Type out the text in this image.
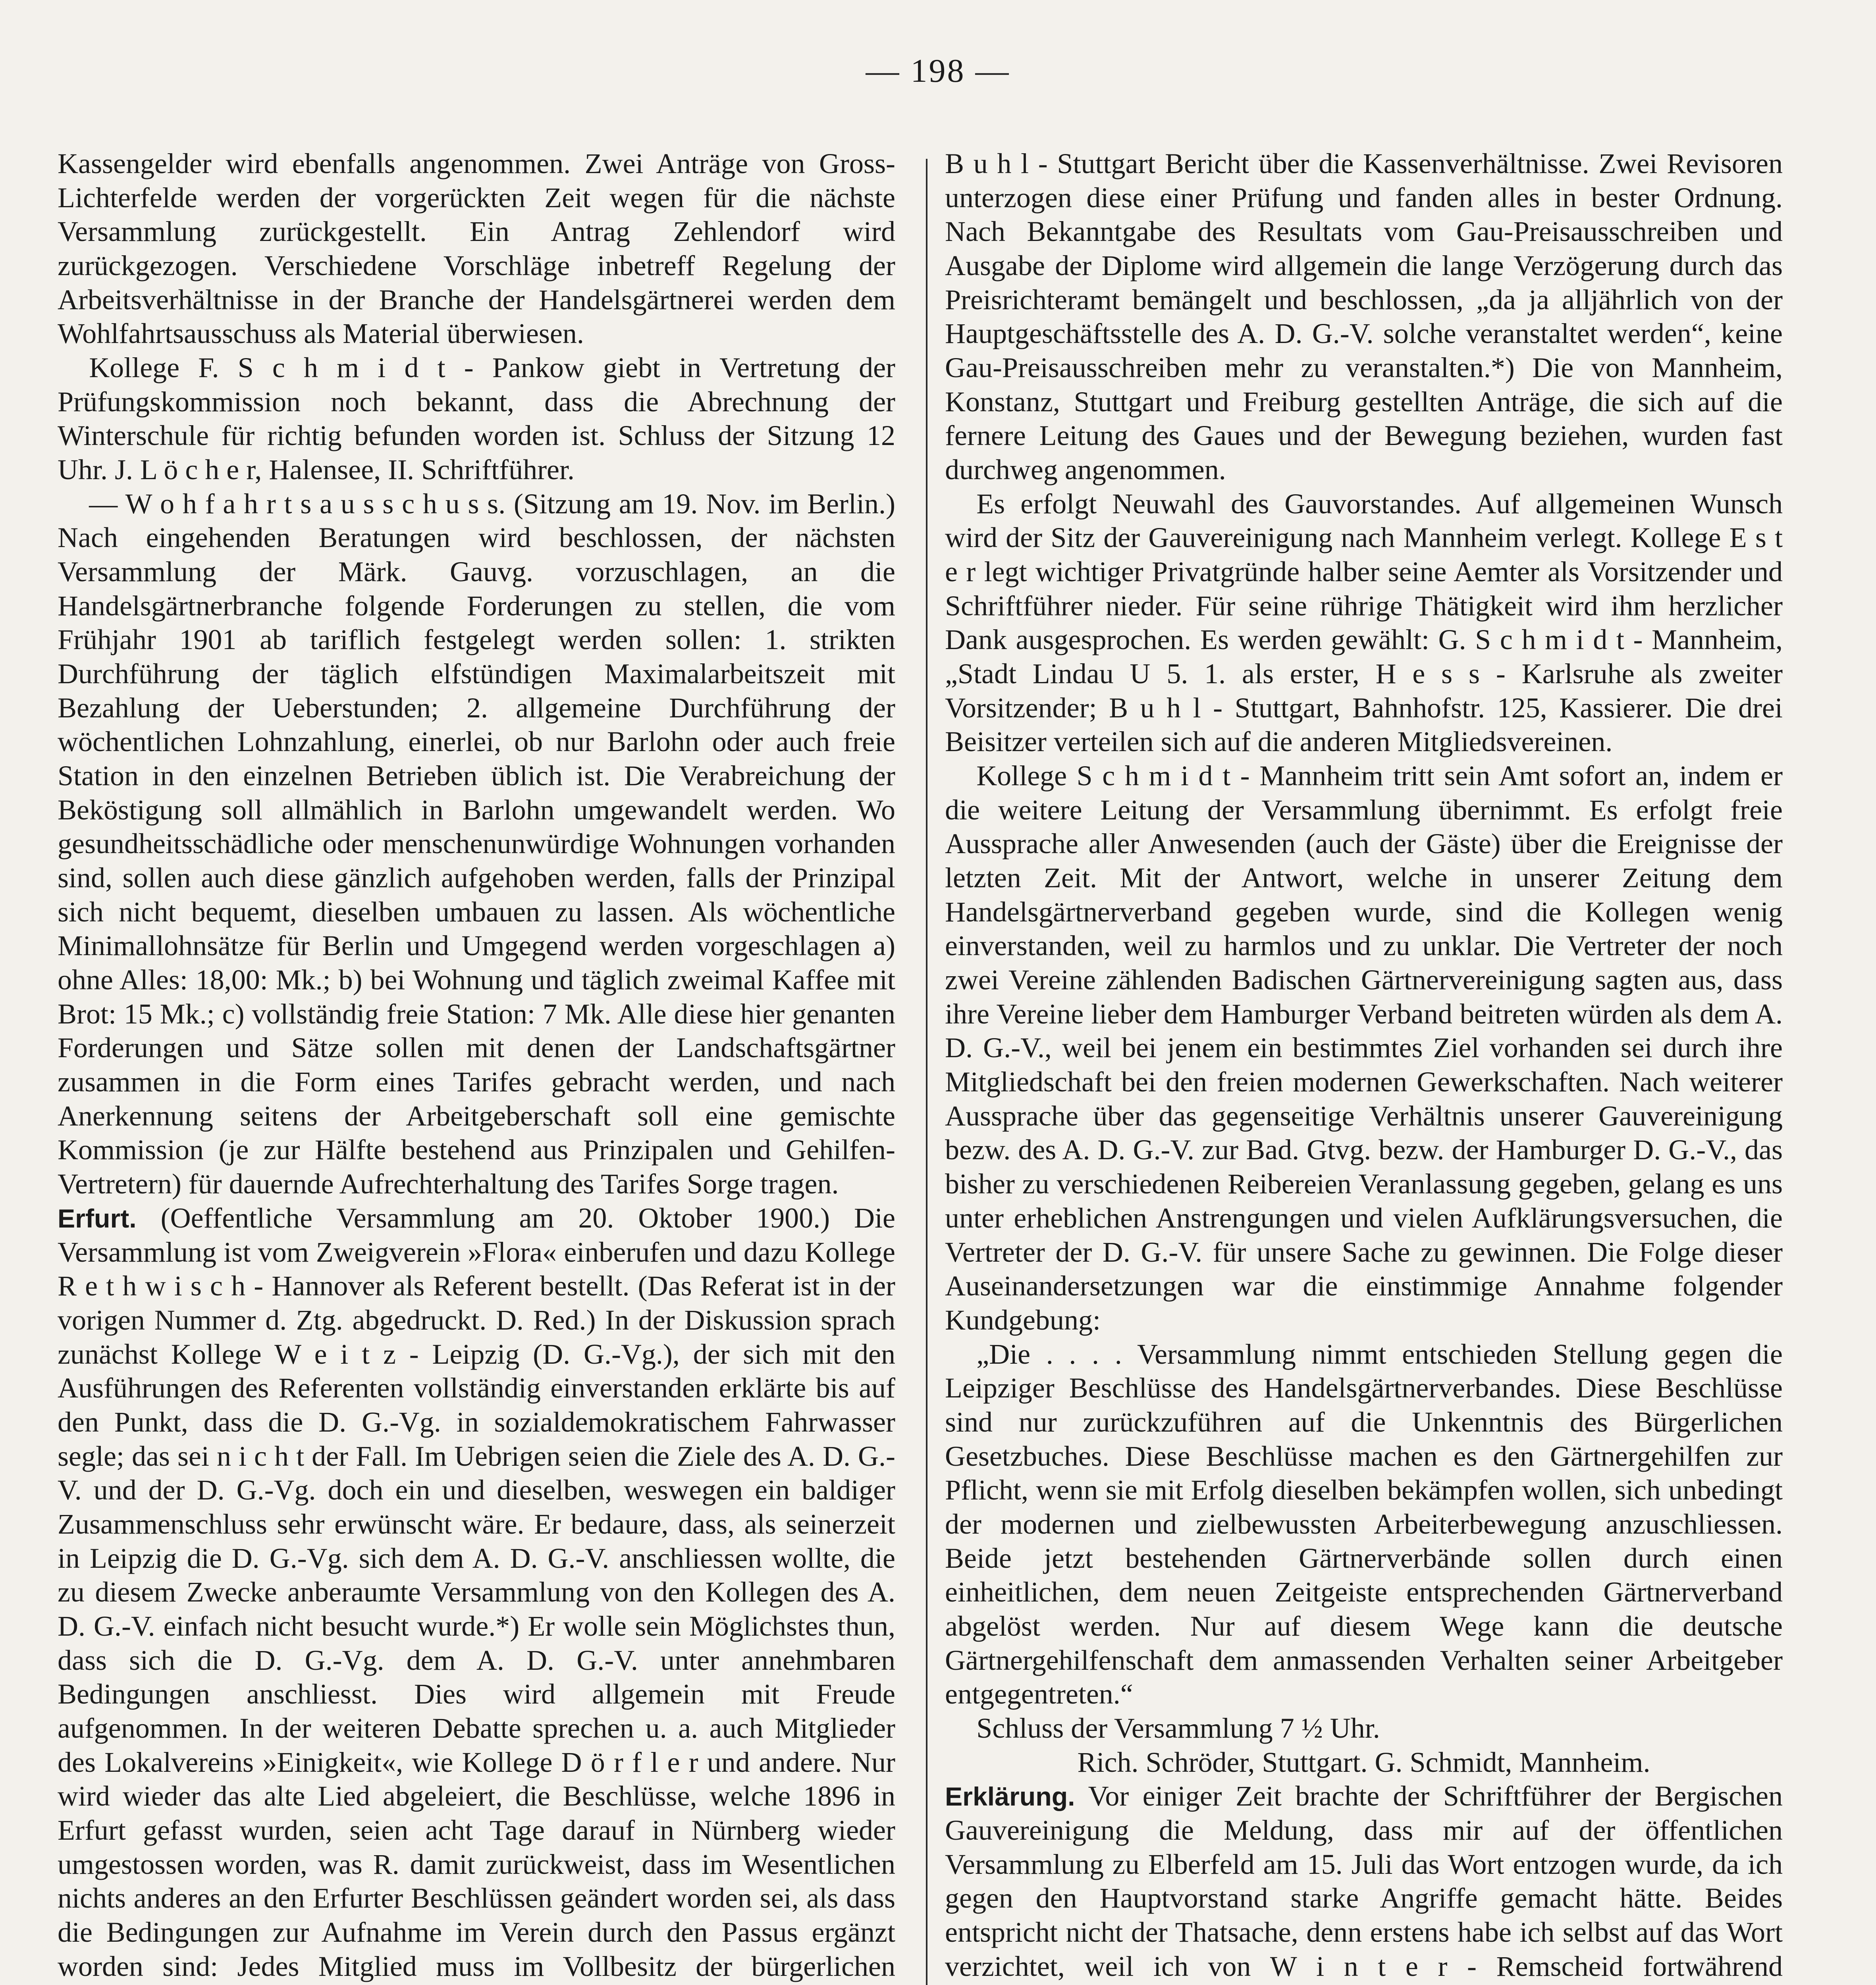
— 198 —

Kassengelder wird ebenfalls angenommen. Zwei Anträge von Gross-Lichterfelde werden der vorgerückten Zeit wegen für die nächste Versammlung zurückgestellt. Ein Antrag Zehlendorf wird zurückgezogen. Verschiedene Vorschläge inbetreff Regelung der Arbeitsverhältnisse in der Branche der Handelsgärtnerei werden dem Wohlfahrtsausschuss als Material überwiesen.

Kollege F. S c h m i d t - Pankow giebt in Vertretung der Prüfungskommission noch bekannt, dass die Abrechnung der Winterschule für richtig befunden worden ist. Schluss der Sitzung 12 Uhr. J. L ö c h e r, Halensee, II. Schriftführer.

— W o h f a h r t s a u s s c h u s s. (Sitzung am 19. Nov. im Berlin.) Nach eingehenden Beratungen wird beschlossen, der nächsten Versammlung der Märk. Gauvg. vorzuschlagen, an die Handelsgärtnerbranche folgende Forderungen zu stellen, die vom Frühjahr 1901 ab tariflich festgelegt werden sollen: 1. strikten Durchführung der täglich elfstündigen Maximalarbeitszeit mit Bezahlung der Ueberstunden; 2. allgemeine Durchführung der wöchentlichen Lohnzahlung, einerlei, ob nur Barlohn oder auch freie Station in den einzelnen Betrieben üblich ist. Die Verabreichung der Beköstigung soll allmählich in Barlohn umgewandelt werden. Wo gesundheitsschädliche oder menschenunwürdige Wohnungen vorhanden sind, sollen auch diese gänzlich aufgehoben werden, falls der Prinzipal sich nicht bequemt, dieselben umbauen zu lassen. Als wöchentliche Minimallohnsätze für Berlin und Umgegend werden vorgeschlagen a) ohne Alles: 18,00: Mk.; b) bei Wohnung und täglich zweimal Kaffee mit Brot: 15 Mk.; c) vollständig freie Station: 7 Mk. Alle diese hier genanten Forderungen und Sätze sollen mit denen der Landschaftsgärtner zusammen in die Form eines Tarifes gebracht werden, und nach Anerkennung seitens der Arbeitgeberschaft soll eine gemischte Kommission (je zur Hälfte bestehend aus Prinzipalen und Gehilfen-Vertretern) für dauernde Aufrechterhaltung des Tarifes Sorge tragen.

Erfurt. (Oeffentliche Versammlung am 20. Oktober 1900.) Die Versammlung ist vom Zweigverein »Flora« einberufen und dazu Kollege R e t h w i s c h - Hannover als Referent bestellt. (Das Referat ist in der vorigen Nummer d. Ztg. abgedruckt. D. Red.) In der Diskussion sprach zunächst Kollege W e i t z - Leipzig (D. G.-Vg.), der sich mit den Ausführungen des Referenten vollständig einverstanden erklärte bis auf den Punkt, dass die D. G.-Vg. in sozialdemokratischem Fahrwasser segle; das sei n i c h t der Fall. Im Uebrigen seien die Ziele des A. D. G.-V. und der D. G.-Vg. doch ein und dieselben, weswegen ein baldiger Zusammenschluss sehr erwünscht wäre. Er bedaure, dass, als seinerzeit in Leipzig die D. G.-Vg. sich dem A. D. G.-V. anschliessen wollte, die zu diesem Zwecke anberaumte Versammlung von den Kollegen des A. D. G.-V. einfach nicht besucht wurde.*) Er wolle sein Möglichstes thun, dass sich die D. G.-Vg. dem A. D. G.-V. unter annehmbaren Bedingungen anschliesst. Dies wird allgemein mit Freude aufgenommen. In der weiteren Debatte sprechen u. a. auch Mitglieder des Lokalvereins »Einigkeit«, wie Kollege D ö r f l e r und andere. Nur wird wieder das alte Lied abgeleiert, die Beschlüsse, welche 1896 in Erfurt gefasst wurden, seien acht Tage darauf in Nürnberg wieder umgestossen worden, was R. damit zurückweist, dass im Wesentlichen nichts anderes an den Erfurter Beschlüssen geändert worden sei, als dass die Bedingungen zur Aufnahme im Verein durch den Passus ergänzt worden sind: Jedes Mitglied muss im Vollbesitz der bürgerlichen

B u h l - Stuttgart Bericht über die Kassenverhältnisse. Zwei Revisoren unterzogen diese einer Prüfung und fanden alles in bester Ordnung. Nach Bekanntgabe des Resultats vom Gau-Preisausschreiben und Ausgabe der Diplome wird allgemein die lange Verzögerung durch das Preisrichteramt bemängelt und beschlossen, „da ja alljährlich von der Hauptgeschäftsstelle des A. D. G.-V. solche veranstaltet werden“, keine Gau-Preisausschreiben mehr zu veranstalten.*) Die von Mannheim, Konstanz, Stuttgart und Freiburg gestellten Anträge, die sich auf die fernere Leitung des Gaues und der Bewegung beziehen, wurden fast durchweg angenommen.

Es erfolgt Neuwahl des Gauvorstandes. Auf allgemeinen Wunsch wird der Sitz der Gauvereinigung nach Mannheim verlegt. Kollege E s t e r legt wichtiger Privatgründe halber seine Aemter als Vorsitzender und Schriftführer nieder. Für seine rührige Thätigkeit wird ihm herzlicher Dank ausgesprochen. Es werden gewählt: G. S c h m i d t - Mannheim, „Stadt Lindau U 5. 1. als erster, H e s s - Karlsruhe als zweiter Vorsitzender; B u h l - Stuttgart, Bahnhofstr. 125, Kassierer. Die drei Beisitzer verteilen sich auf die anderen Mitgliedsvereinen.

Kollege S c h m i d t - Mannheim tritt sein Amt sofort an, indem er die weitere Leitung der Versammlung übernimmt. Es erfolgt freie Aussprache aller Anwesenden (auch der Gäste) über die Ereignisse der letzten Zeit. Mit der Antwort, welche in unserer Zeitung dem Handelsgärtnerverband gegeben wurde, sind die Kollegen wenig einverstanden, weil zu harmlos und zu unklar. Die Vertreter der noch zwei Vereine zählenden Badischen Gärtnervereinigung sagten aus, dass ihre Vereine lieber dem Hamburger Verband beitreten würden als dem A. D. G.-V., weil bei jenem ein bestimmtes Ziel vorhanden sei durch ihre Mitgliedschaft bei den freien modernen Gewerkschaften. Nach weiterer Aussprache über das gegenseitige Verhältnis unserer Gauvereinigung bezw. des A. D. G.-V. zur Bad. Gtvg. bezw. der Hamburger D. G.-V., das bisher zu verschiedenen Reibereien Veranlassung gegeben, gelang es uns unter erheblichen Anstrengungen und vielen Aufklärungsversuchen, die Vertreter der D. G.-V. für unsere Sache zu gewinnen. Die Folge dieser Auseinandersetzungen war die einstimmige Annahme folgender Kundgebung:

„Die . . . . Versammlung nimmt entschieden Stellung gegen die Leipziger Beschlüsse des Handelsgärtnerverbandes. Diese Beschlüsse sind nur zurückzuführen auf die Unkenntnis des Bürgerlichen Gesetzbuches. Diese Beschlüsse machen es den Gärtnergehilfen zur Pflicht, wenn sie mit Erfolg dieselben bekämpfen wollen, sich unbedingt der modernen und zielbewussten Arbeiterbewegung anzuschliessen. Beide jetzt bestehenden Gärtnerverbände sollen durch einen einheitlichen, dem neuen Zeitgeiste entsprechenden Gärtnerverband abgelöst werden. Nur auf diesem Wege kann die deutsche Gärtnergehilfenschaft dem anmassenden Verhalten seiner Arbeitgeber entgegentreten.“

Schluss der Versammlung 7 ½ Uhr.

Rich. Schröder, Stuttgart. G. Schmidt, Mannheim.

Erklärung. Vor einiger Zeit brachte der Schriftführer der Bergischen Gauvereinigung die Meldung, dass mir auf der öffentlichen Versammlung zu Elberfeld am 15. Juli das Wort entzogen wurde, da ich gegen den Hauptvorstand starke Angriffe gemacht hätte. Beides entspricht nicht der Thatsache, denn erstens habe ich selbst auf das Wort verzichtet, weil ich von W i n t e r - Remscheid fortwährend
